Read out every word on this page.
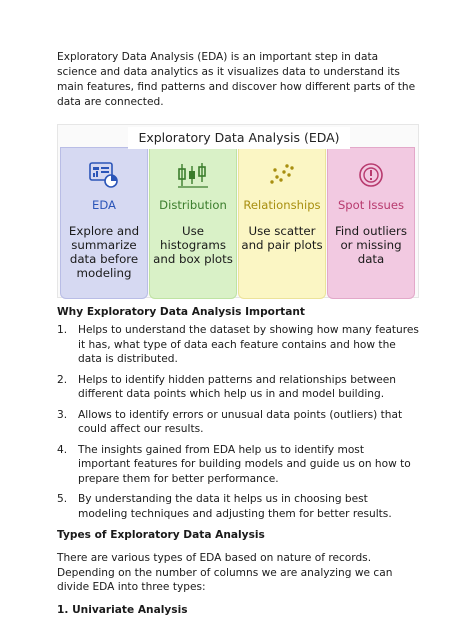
Exploratory Data Analysis (EDA) is an important step in data science and data analytics as it visualizes data to understand its main features, find patterns and discover how different parts of the data are connected.

EDA
Explore and summarize data before modeling
Distribution
Use histograms and box plots
Relationships
Use scatter and pair plots
Spot Issues
Find outliers or missing data
Exploratory Data Analysis (EDA)
Why Exploratory Data Analysis Important
1. Helps to understand the dataset by showing how many features it has, what type of data each feature contains and how the data is distributed.
2. Helps to identify hidden patterns and relationships between different data points which help us in and model building.
3. Allows to identify errors or unusual data points (outliers) that could affect our results.
4. The insights gained from EDA help us to identify most important features for building models and guide us on how to prepare them for better performance.
5. By understanding the data it helps us in choosing best modeling techniques and adjusting them for better results.
Types of Exploratory Data Analysis

There are various types of EDA based on nature of records. Depending on the number of columns we are analyzing we can divide EDA into three types:

1. Univariate Analysis
